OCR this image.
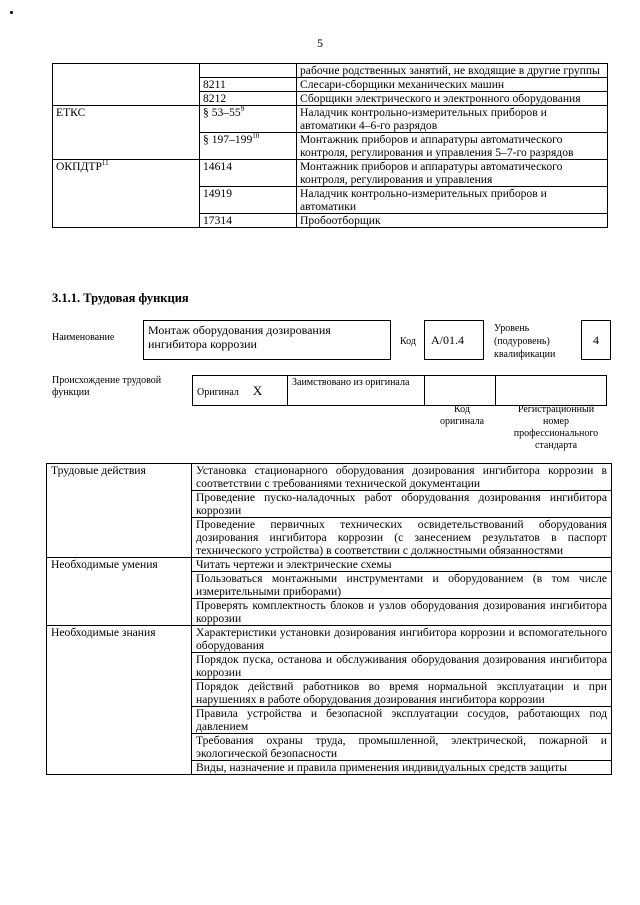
5
		рабочие родственных занятий, не входящие в другие группы
	8211	Слесари-сборщики механических машин
	8212	Сборщики электрического и электронного оборудования
ЕТКС	§ $53-55^9$	Наладчик контрольно-измерительных приборов и автоматики 4–6-го разрядов
	§ $197-199^{10}$	Монтажник приборов и аппаратуры автоматического контроля, регулирования и управления 5–7-го разрядов
ОКПДТР$^{11}$	14614	Монтажник приборов и аппаратуры автоматического контроля, регулирования и управления
	14919	Наладчик контрольно-измерительных приборов и автоматики
	17314	Пробоотборщик
3.1.1. Трудовая функция
Наименование
Монтаж оборудования дозирования ингибитора коррозии	Код	А/01.4
Уровень (подуровень) квалификации
4
Происхождение трудовой функции	Оригинал X	Заимствовано из оригинала		
Код оригинала
Регистрационный номер профессионального стандарта
Трудовые действия	Установка стационарного оборудования дозирования ингибитора коррозии в соответствии с требованиями технической документации
	Проведение пуско-наладочных работ оборудования дозирования ингибитора коррозии
	Проведение первичных технических освидетельствований оборудования дозирования ингибитора коррозии (с занесением результатов в паспорт технического устройства) в соответствии с должностными обязанностями
Необходимые умения	Читать чертежи и электрические схемы
	Пользоваться монтажными инструментами и оборудованием (в том числе измерительными приборами)
	Проверять комплектность блоков и узлов оборудования дозирования ингибитора коррозии
Необходимые знания	Характеристики установки дозирования ингибитора коррозии и вспомогательного оборудования
	Порядок пуска, останова и обслуживания оборудования дозирования ингибитора коррозии
	Порядок действий работников во время нормальной эксплуатации и при нарушениях в работе оборудования дозирования ингибитора коррозии
	Правила устройства и безопасной эксплуатации сосудов, работающих под давлением
	Требования охраны труда, промышленной, электрической, пожарной и экологической безопасности
	Виды, назначение и правила применения индивидуальных средств защиты
